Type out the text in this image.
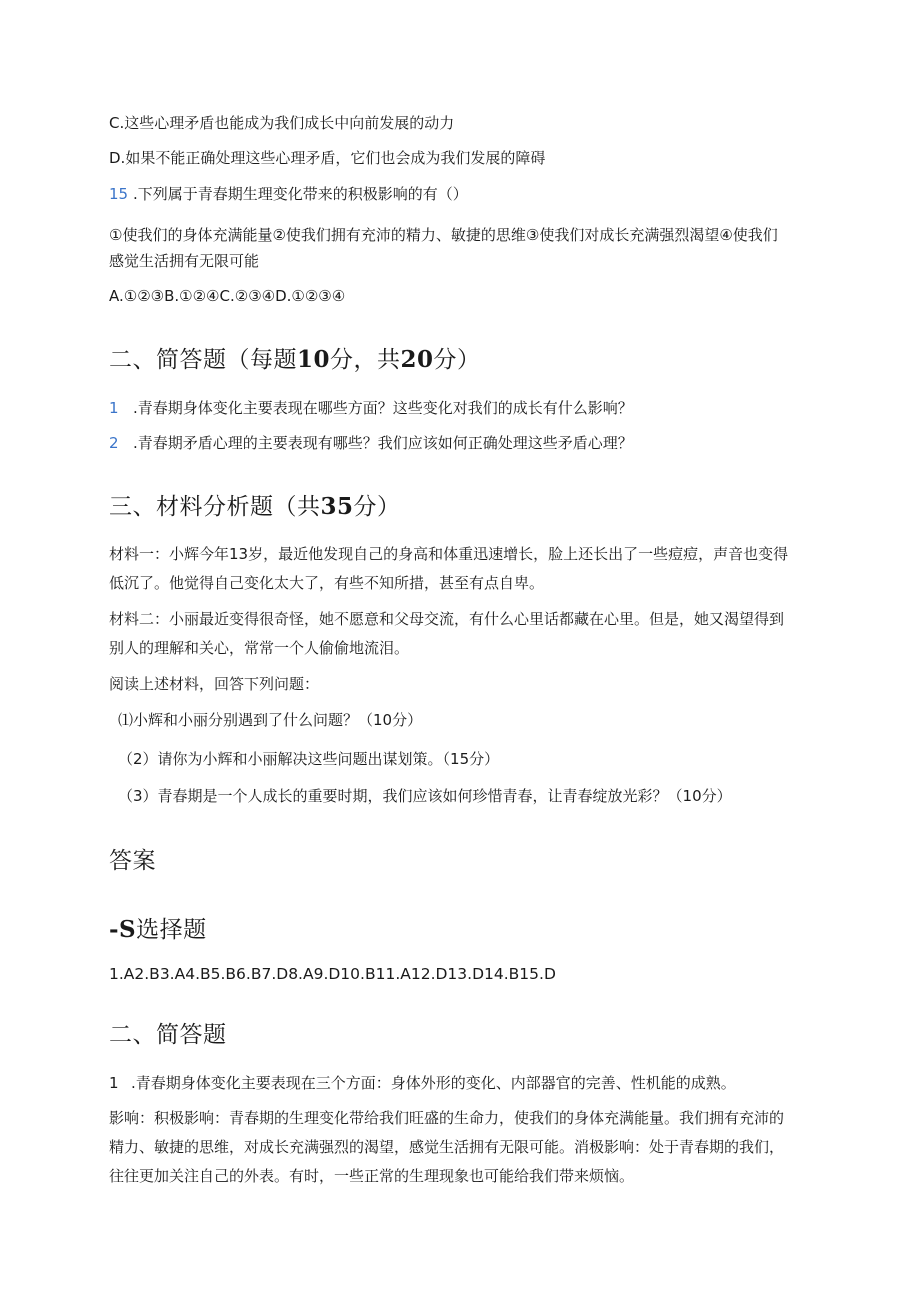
C.这些心理矛盾也能成为我们成长中向前发展的动力
D.如果不能正确处理这些心理矛盾，它们也会成为我们发展的障碍
15 .下列属于青春期生理变化带来的积极影响的有（）
①使我们的身体充满能量②使我们拥有充沛的精力、敏捷的思维③使我们对成长充满强烈渴望④使我们
感觉生活拥有无限可能
A.①②③B.①②④C.②③④D.①②③④
二、简答题（每题10分，共20分）
1 .青春期身体变化主要表现在哪些方面？这些变化对我们的成长有什么影响？
2 .青春期矛盾心理的主要表现有哪些？我们应该如何正确处理这些矛盾心理？
三、材料分析题（共35分）
材料一：小辉今年13岁，最近他发现自己的身高和体重迅速增长，脸上还长出了一些痘痘，声音也变得
低沉了。他觉得自己变化太大了，有些不知所措，甚至有点自卑。
材料二：小丽最近变得很奇怪，她不愿意和父母交流，有什么心里话都藏在心里。但是，她又渴望得到
别人的理解和关心，常常一个人偷偷地流泪。
阅读上述材料，回答下列问题：
⑴小辉和小丽分别遇到了什么问题？（10分）
（2）请你为小辉和小丽解决这些问题出谋划策。（15分）
（3）青春期是一个人成长的重要时期，我们应该如何珍惜青春，让青春绽放光彩？（10分）
答案
-S选择题
1.A2.B3.A4.B5.B6.B7.D8.A9.D10.B11.A12.D13.D14.B15.D
二、简答题
1 .青春期身体变化主要表现在三个方面：身体外形的变化、内部器官的完善、性机能的成熟。
影响：积极影响：青春期的生理变化带给我们旺盛的生命力，使我们的身体充满能量。我们拥有充沛的
精力、敏捷的思维，对成长充满强烈的渴望，感觉生活拥有无限可能。消极影响：处于青春期的我们，
往往更加关注自己的外表。有时，一些正常的生理现象也可能给我们带来烦恼。
